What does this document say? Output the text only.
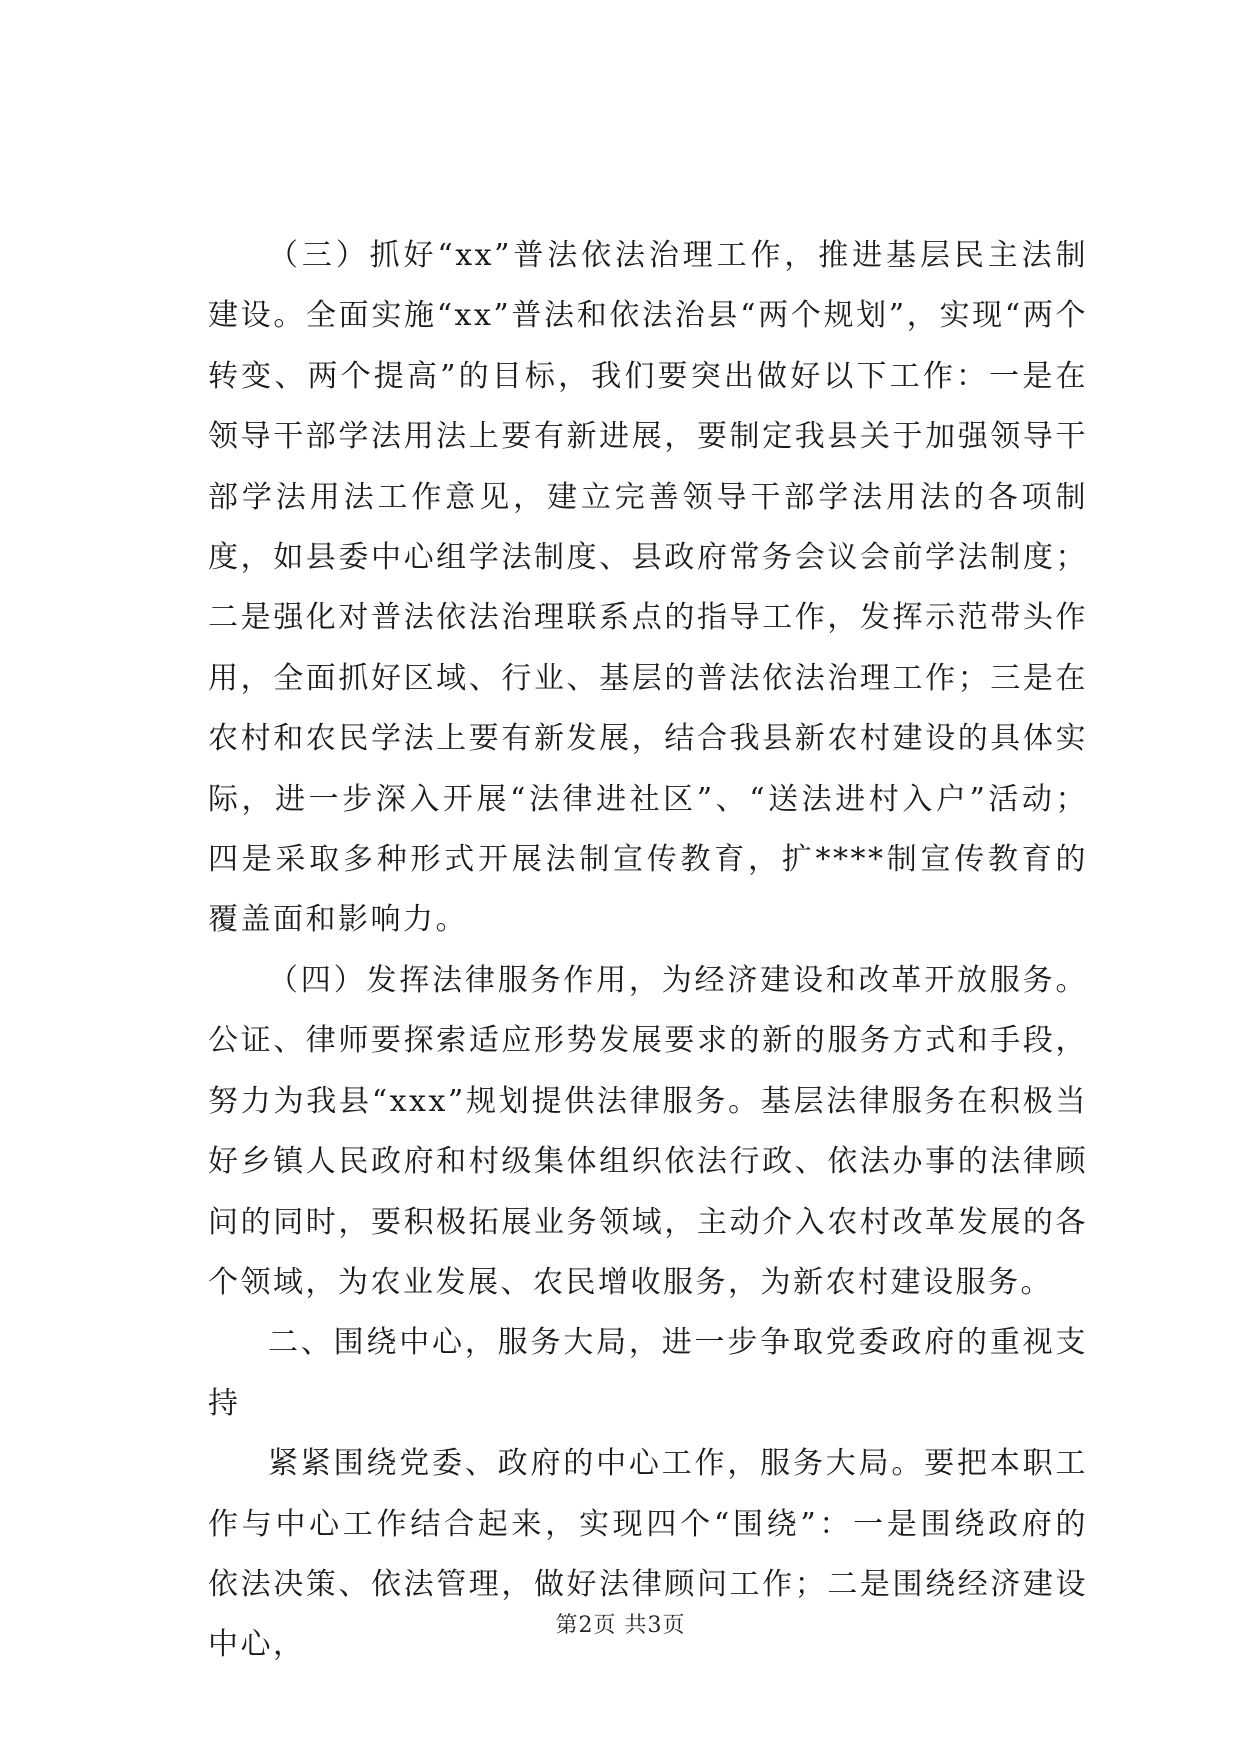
（三）抓好“xx”普法依法治理工作，推进基层民主法制建设。全面实施“xx”普法和依法治县“两个规划”，实现“两个转变、两个提高”的目标，我们要突出做好以下工作：一是在领导干部学法用法上要有新进展，要制定我县关于加强领导干部学法用法工作意见，建立完善领导干部学法用法的各项制度，如县委中心组学法制度、县政府常务会议会前学法制度；二是强化对普法依法治理联系点的指导工作，发挥示范带头作用，全面抓好区域、行业、基层的普法依法治理工作；三是在农村和农民学法上要有新发展，结合我县新农村建设的具体实际，进一步深入开展“法律进社区”、“送法进村入户”活动；四是采取多种形式开展法制宣传教育，扩****制宣传教育的覆盖面和影响力。

（四）发挥法律服务作用，为经济建设和改革开放服务。公证、律师要探索适应形势发展要求的新的服务方式和手段，努力为我县“xxx”规划提供法律服务。基层法律服务在积极当好乡镇人民政府和村级集体组织依法行政、依法办事的法律顾问的同时，要积极拓展业务领域，主动介入农村改革发展的各个领域，为农业发展、农民增收服务，为新农村建设服务。

二、围绕中心，服务大局，进一步争取党委政府的重视支持

紧紧围绕党委、政府的中心工作，服务大局。要把本职工作与中心工作结合起来，实现四个“围绕”：一是围绕政府的依法决策、依法管理，做好法律顾问工作；二是围绕经济建设中心，

第2页 共3页
